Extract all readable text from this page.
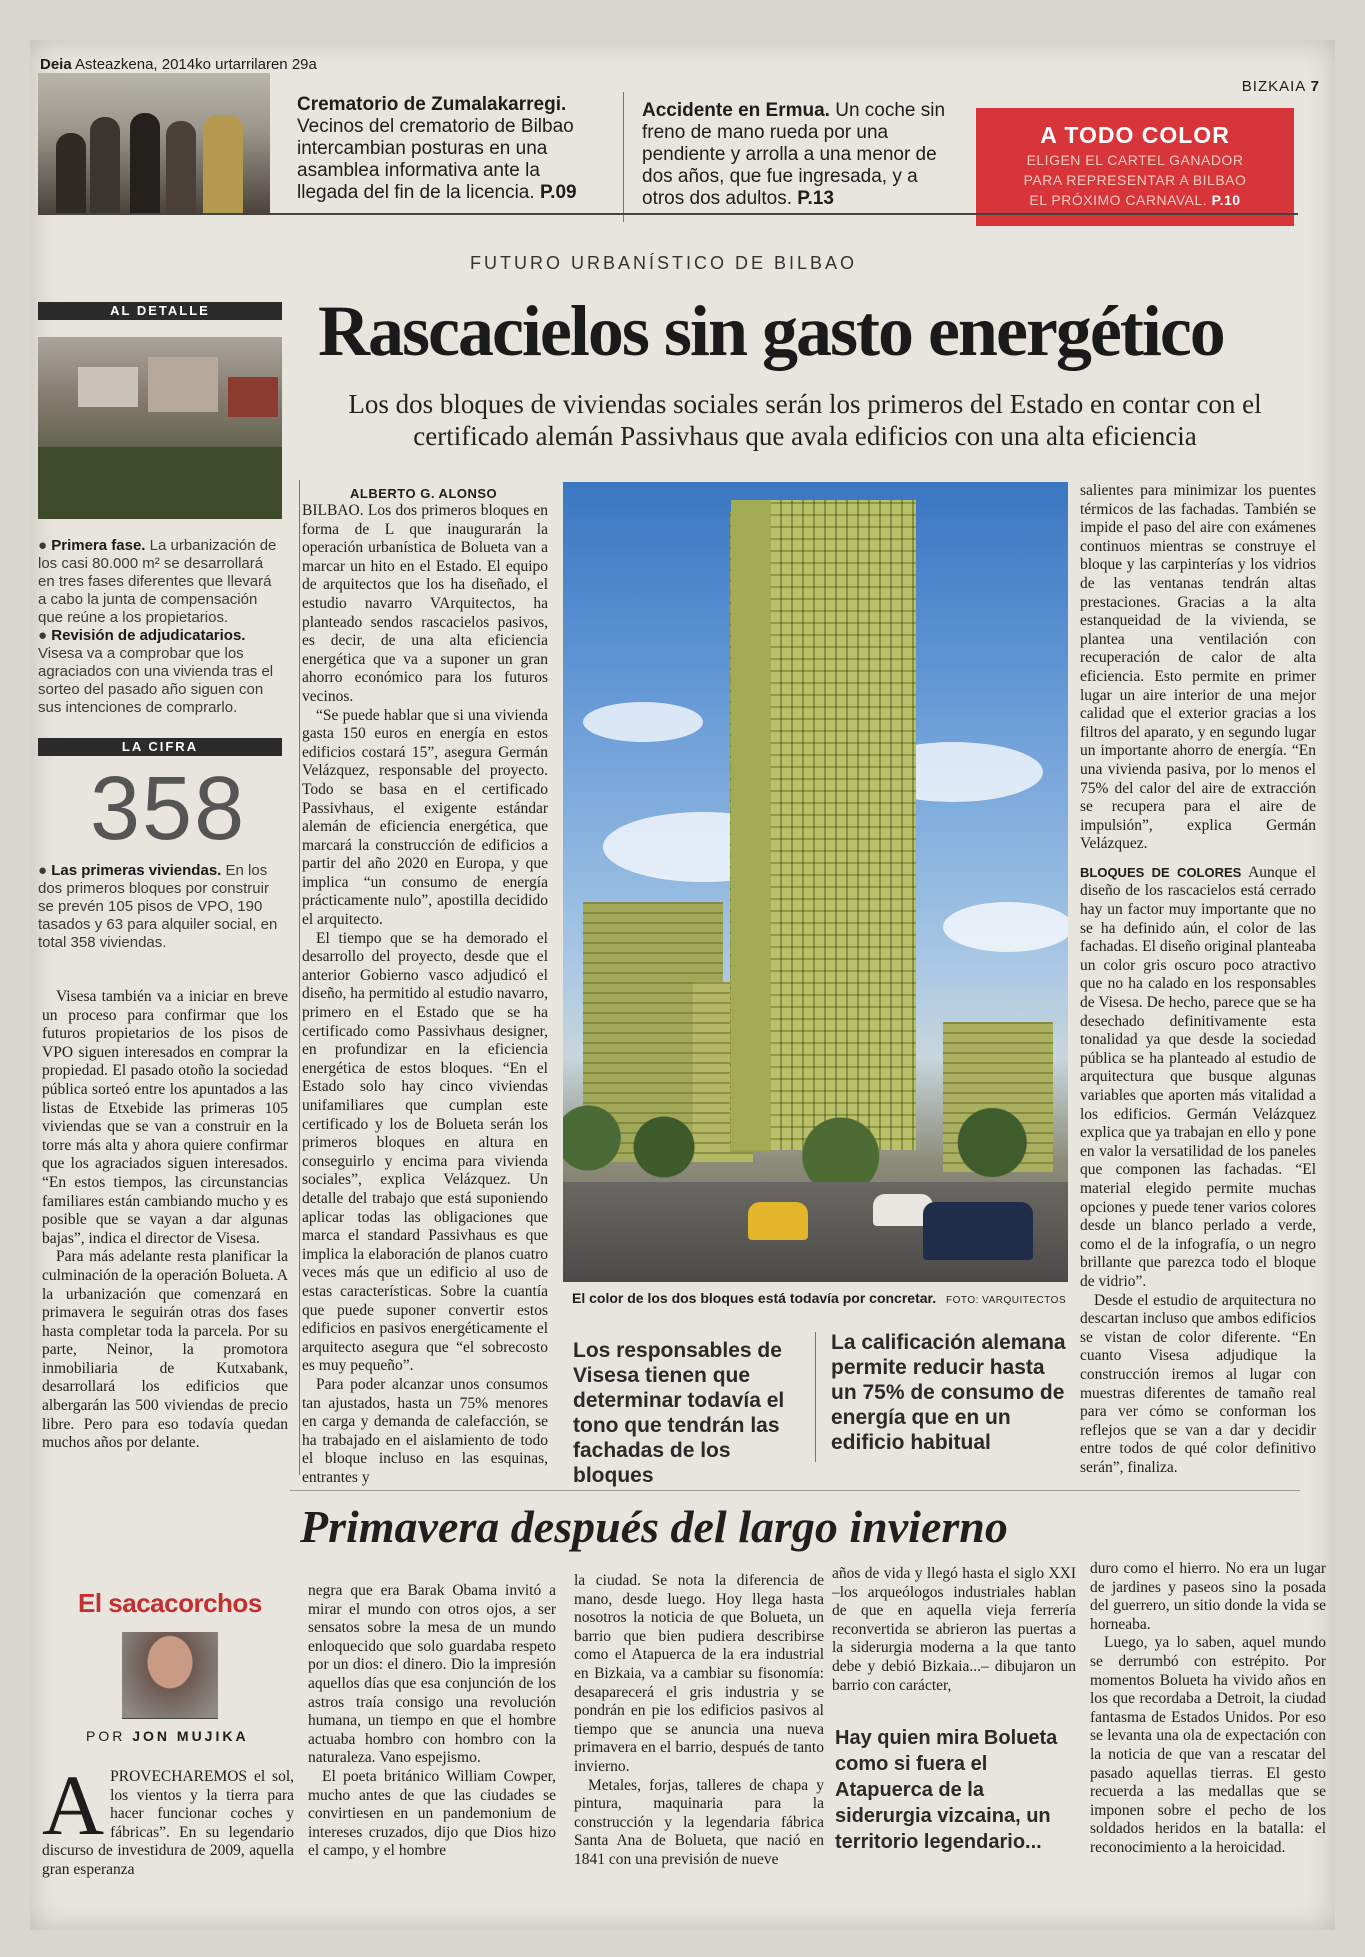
Deia Asteazkena, 2014ko urtarrilaren 29a
BIZKAIA 7
Crematorio de Zumalakarregi.
Vecinos del crematorio de Bilbao
intercambian posturas en una
asamblea informativa ante la
llegada del fin de la licencia. P.09
Accidente en Ermua. Un coche sin
freno de mano rueda por una
pendiente y arrolla a una menor de
dos años, que fue ingresada, y a
otros dos adultos. P.13
A TODO COLOR
ELIGEN EL CARTEL GANADOR
PARA REPRESENTAR A BILBAO
EL PRÓXIMO CARNAVAL. P.10
FUTURO URBANÍSTICO DE BILBAO
Rascacielos sin gasto energético
Los dos bloques de viviendas sociales serán los primeros del Estado en contar con el certificado alemán Passivhaus que avala edificios con una alta eficiencia
AL DETALLE
● Primera fase. La urbanización de los casi 80.000 m² se desarrollará en tres fases diferentes que llevará a cabo la junta de compensación que reúne a los propietarios.
● Revisión de adjudicatarios. Visesa va a comprobar que los agraciados con una vivienda tras el sorteo del pasado año siguen con sus intenciones de comprarlo.
LA CIFRA
358
● Las primeras viviendas. En los dos primeros bloques por construir se prevén 105 pisos de VPO, 190 tasados y 63 para alquiler social, en total 358 viviendas.

Visesa también va a iniciar en breve un proceso para confirmar que los futuros propietarios de los pisos de VPO siguen interesados en comprar la propiedad. El pasado otoño la sociedad pública sorteó entre los apuntados a las listas de Etxebide las primeras 105 viviendas que se van a construir en la torre más alta y ahora quiere confirmar que los agraciados siguen interesados. “En estos tiempos, las circunstancias familiares están cambiando mucho y es posible que se vayan a dar algunas bajas”, indica el director de Visesa.

Para más adelante resta planificar la culminación de la operación Bolueta. A la urbanización que comenzará en primavera le seguirán otras dos fases hasta completar toda la parcela. Por su parte, Neinor, la promotora inmobiliaria de Kutxabank, desarrollará los edificios que albergarán las 500 viviendas de precio libre. Pero para eso todavía quedan muchos años por delante.

ALBERTO G. ALONSO

BILBAO. Los dos primeros bloques en forma de L que inaugurarán la operación urbanística de Bolueta van a marcar un hito en el Estado. El equipo de arquitectos que los ha diseñado, el estudio navarro VArquitectos, ha planteado sendos rascacielos pasivos, es decir, de una alta eficiencia energética que va a suponer un gran ahorro económico para los futuros vecinos.

“Se puede hablar que si una vivienda gasta 150 euros en energía en estos edificios costará 15”, asegura Germán Velázquez, responsable del proyecto. Todo se basa en el certificado Passivhaus, el exigente estándar alemán de eficiencia energética, que marcará la construcción de edificios a partir del año 2020 en Europa, y que implica “un consumo de energía prácticamente nulo”, apostilla decidido el arquitecto.

El tiempo que se ha demorado el desarrollo del proyecto, desde que el anterior Gobierno vasco adjudicó el diseño, ha permitido al estudio navarro, primero en el Estado que se ha certificado como Passivhaus designer, en profundizar en la eficiencia energética de estos bloques. “En el Estado solo hay cinco viviendas unifamiliares que cumplan este certificado y los de Bolueta serán los primeros bloques en altura en conseguirlo y encima para vivienda sociales”, explica Velázquez. Un detalle del trabajo que está suponiendo aplicar todas las obligaciones que marca el standard Passivhaus es que implica la elaboración de planos cuatro veces más que un edificio al uso de estas características. Sobre la cuantía que puede suponer convertir estos edificios en pasivos energéticamente el arquitecto asegura que “el sobrecosto es muy pequeño”.

Para poder alcanzar unos consumos tan ajustados, hasta un 75% menores en carga y demanda de calefacción, se ha trabajado en el aislamiento de todo el bloque incluso en las esquinas, entrantes y

El color de los dos bloques está todavía por concretar. FOTO: VARQUITECTOS
Los responsables de Visesa tienen que determinar todavía el tono que tendrán las fachadas de los bloques
La calificación alemana permite reducir hasta un 75% de consumo de energía que en un edificio habitual

salientes para minimizar los puentes térmicos de las fachadas. También se impide el paso del aire con exámenes continuos mientras se construye el bloque y las carpinterías y los vidrios de las ventanas tendrán altas prestaciones. Gracias a la alta estanqueidad de la vivienda, se plantea una ventilación con recuperación de calor de alta eficiencia. Esto permite en primer lugar un aire interior de una mejor calidad que el exterior gracias a los filtros del aparato, y en segundo lugar un importante ahorro de energía. “En una vivienda pasiva, por lo menos el 75% del calor del aire de extracción se recupera para el aire de impulsión”, explica Germán Velázquez.

BLOQUES DE COLORES Aunque el diseño de los rascacielos está cerrado hay un factor muy importante que no se ha definido aún, el color de las fachadas. El diseño original planteaba un color gris oscuro poco atractivo que no ha calado en los responsables de Visesa. De hecho, parece que se ha desechado definitivamente esta tonalidad ya que desde la sociedad pública se ha planteado al estudio de arquitectura que busque algunas variables que aporten más vitalidad a los edificios. Germán Velázquez explica que ya trabajan en ello y pone en valor la versatilidad de los paneles que componen las fachadas. “El material elegido permite muchas opciones y puede tener varios colores desde un blanco perlado a verde, como el de la infografía, o un negro brillante que parezca todo el bloque de vidrio”.

Desde el estudio de arquitectura no descartan incluso que ambos edificios se vistan de color diferente. “En cuanto Visesa adjudique la construcción iremos al lugar con muestras diferentes de tamaño real para ver cómo se conforman los reflejos que se van a dar y decidir entre todos de qué color definitivo serán”, finaliza.

Primavera después del largo invierno
El sacacorchos
POR JON MUJIKA
A PROVECHAREMOS el sol, los vientos y la tierra para hacer funcionar coches y fábricas”. En su legendario discurso de investidura de 2009, aquella gran esperanza

negra que era Barak Obama invitó a mirar el mundo con otros ojos, a ser sensatos sobre la mesa de un mundo enloquecido que solo guardaba respeto por un dios: el dinero. Dio la impresión aquellos días que esa conjunción de los astros traía consigo una revolución humana, un tiempo en que el hombre actuaba hombro con hombro con la naturaleza. Vano espejismo.

El poeta británico William Cowper, mucho antes de que las ciudades se convirtiesen en un pandemonium de intereses cruzados, dijo que Dios hizo el campo, y el hombre

la ciudad. Se nota la diferencia de mano, desde luego. Hoy llega hasta nosotros la noticia de que Bolueta, un barrio que bien pudiera describirse como el Atapuerca de la era industrial en Bizkaia, va a cambiar su fisonomía: desaparecerá el gris industria y se pondrán en pie los edificios pasivos al tiempo que se anuncia una nueva primavera en el barrio, después de tanto invierno.

Metales, forjas, talleres de chapa y pintura, maquinaria para la construcción y la legendaria fábrica Santa Ana de Bolueta, que nació en 1841 con una previsión de nueve

años de vida y llegó hasta el siglo XXI –los arqueólogos industriales hablan de que en aquella vieja ferrería reconvertida se abrieron las puertas a la siderurgia moderna a la que tanto debe y debió Bizkaia...– dibujaron un barrio con carácter,

Hay quien mira Bolueta como si fuera el Atapuerca de la siderurgia vizcaina, un territorio legendario...

duro como el hierro. No era un lugar de jardines y paseos sino la posada del guerrero, un sitio donde la vida se horneaba.

Luego, ya lo saben, aquel mundo se derrumbó con estrépito. Por momentos Bolueta ha vivido años en los que recordaba a Detroit, la ciudad fantasma de Estados Unidos. Por eso se levanta una ola de expectación con la noticia de que van a rescatar del pasado aquellas tierras. El gesto recuerda a las medallas que se imponen sobre el pecho de los soldados heridos en la batalla: el reconocimiento a la heroicidad.
